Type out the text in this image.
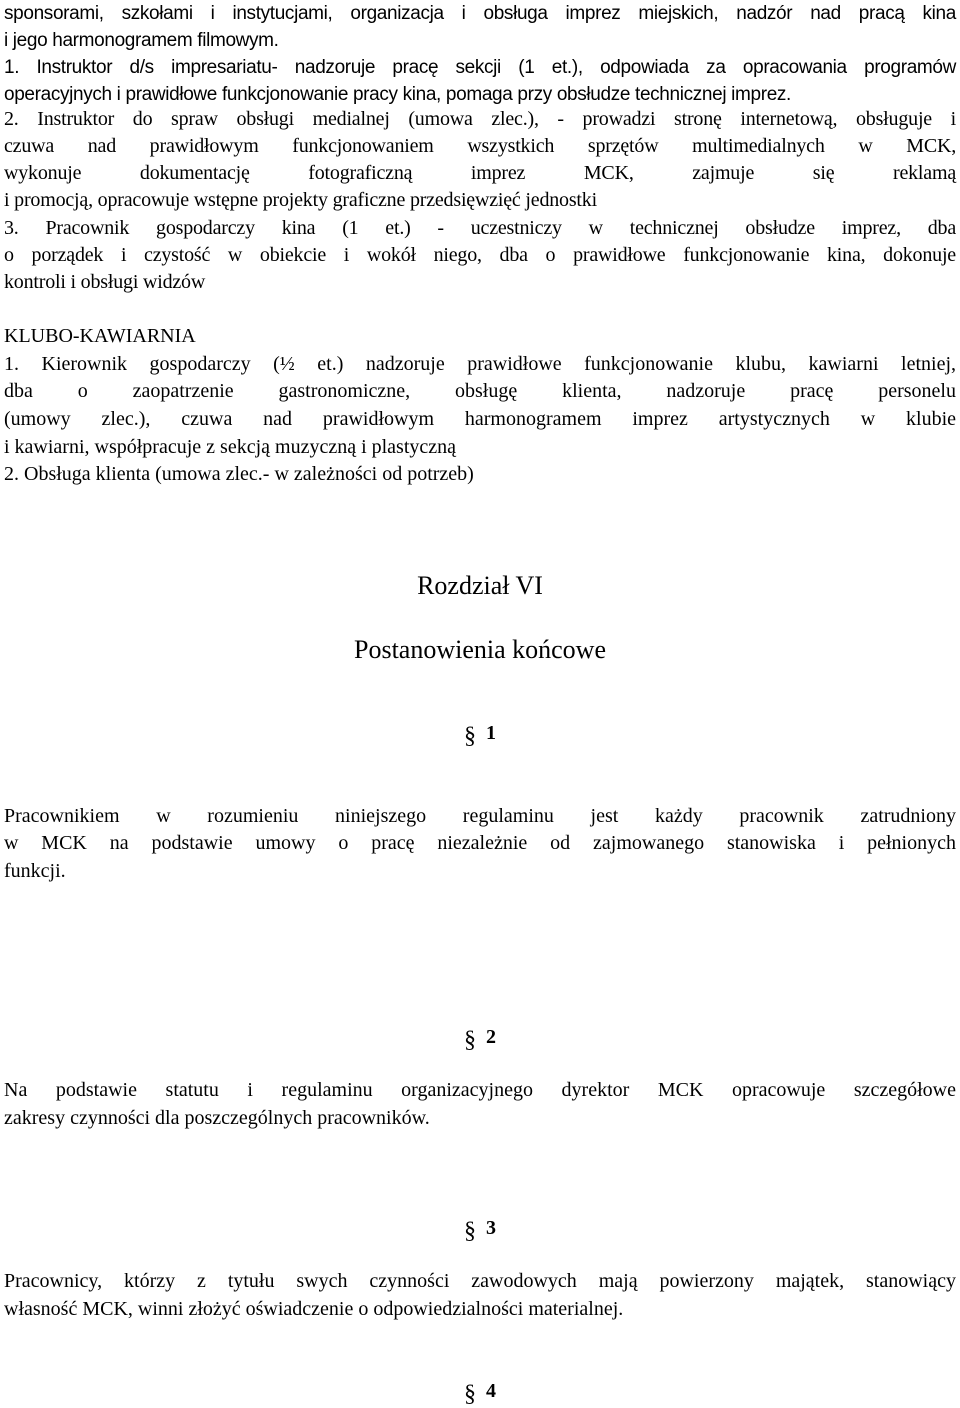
sponsorami, szkołami i instytucjami, organizacja i obsługa imprez miejskich, nadzór nad pracą kina
i jego harmonogramem filmowym.
1. Instruktor d/s impresariatu- nadzoruje pracę sekcji (1 et.), odpowiada za opracowania programów
operacyjnych i prawidłowe funkcjonowanie pracy kina, pomaga przy obsłudze technicznej imprez.
2. Instruktor do spraw obsługi medialnej (umowa zlec.), - prowadzi stronę internetową, obsługuje i
czuwa nad prawidłowym funkcjonowaniem wszystkich sprzętów multimedialnych w MCK,
wykonuje dokumentację fotograficzną imprez MCK, zajmuje się reklamą
i promocją, opracowuje wstępne projekty graficzne przedsięwzięć jednostki
3. Pracownik gospodarczy kina (1 et.) - uczestniczy w technicznej obsłudze imprez, dba
o porządek i czystość w obiekcie i wokół niego, dba o prawidłowe funkcjonowanie kina, dokonuje
kontroli i obsługi widzów
KLUBO-KAWIARNIA
1. Kierownik gospodarczy (½ et.) nadzoruje prawidłowe funkcjonowanie klubu, kawiarni letniej,
dba o zaopatrzenie gastronomiczne, obsługę klienta, nadzoruje pracę personelu
(umowy zlec.), czuwa nad prawidłowym harmonogramem imprez artystycznych w klubie
i kawiarni, współpracuje z sekcją muzyczną i plastyczną
2. Obsługa klienta (umowa zlec.- w zależności od potrzeb)
Rozdział VI
Postanowienia końcowe
§ 1
Pracownikiem w rozumieniu niniejszego regulaminu jest każdy pracownik zatrudniony
w MCK na podstawie umowy o pracę niezależnie od zajmowanego stanowiska i pełnionych
funkcji.
§ 2
Na podstawie statutu i regulaminu organizacyjnego dyrektor MCK opracowuje szczegółowe
zakresy czynności dla poszczególnych pracowników.
§ 3
Pracownicy, którzy z tytułu swych czynności zawodowych mają powierzony majątek, stanowiący
własność MCK, winni złożyć oświadczenie o odpowiedzialności materialnej.
§ 4
